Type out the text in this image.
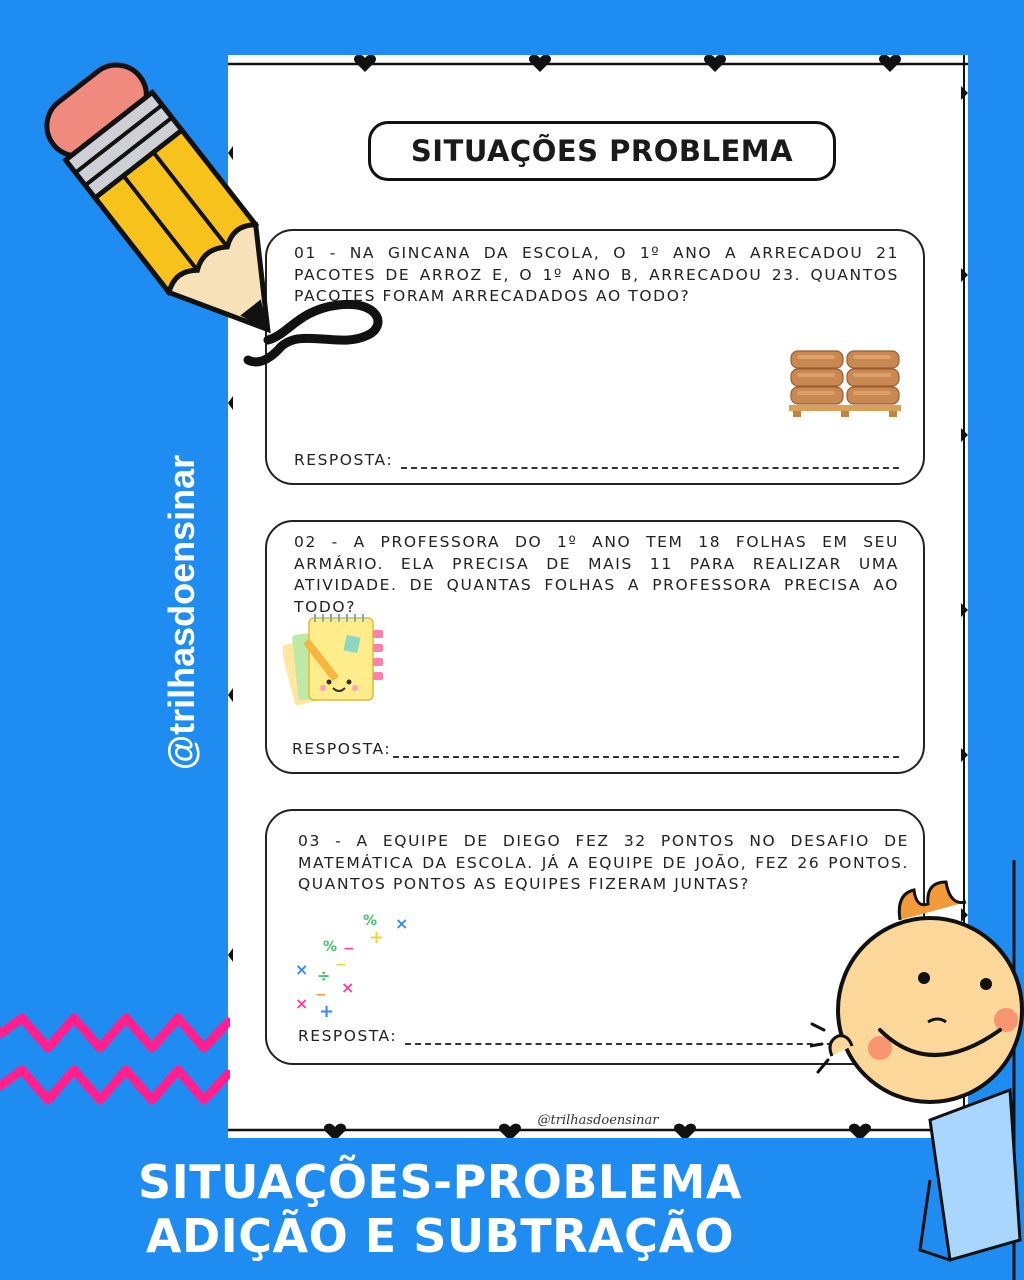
SITUAÇÕES PROBLEMA
01 - NA GINCANA DA ESCOLA, O 1º ANO A ARRECADOU 21 PACOTES DE ARROZ E, O 1º ANO B, ARRECADOU 23. QUANTOS PACOTES FORAM ARRECADADOS AO TODO?
RESPOSTA:
02 - A PROFESSORA DO 1º ANO TEM 18 FOLHAS EM SEU ARMÁRIO. ELA PRECISA DE MAIS 11 PARA REALIZAR UMA ATIVIDADE. DE QUANTAS FOLHAS A PROFESSORA PRECISA AO TODO?
RESPOSTA:
03 - A EQUIPE DE DIEGO FEZ 32 PONTOS NO DESAFIO DE MATEMÁTICA DA ESCOLA. JÁ A EQUIPE DE JOÃO, FEZ 26 PONTOS. QUANTOS PONTOS AS EQUIPES FIZERAM JUNTAS?
% ×
+
% −
× ÷
−
×
−
× +
RESPOSTA:
@trilhasdoensinar
@trilhasdoensinar
SITUAÇÕES-PROBLEMA
ADIÇÃO E SUBTRAÇÃO
